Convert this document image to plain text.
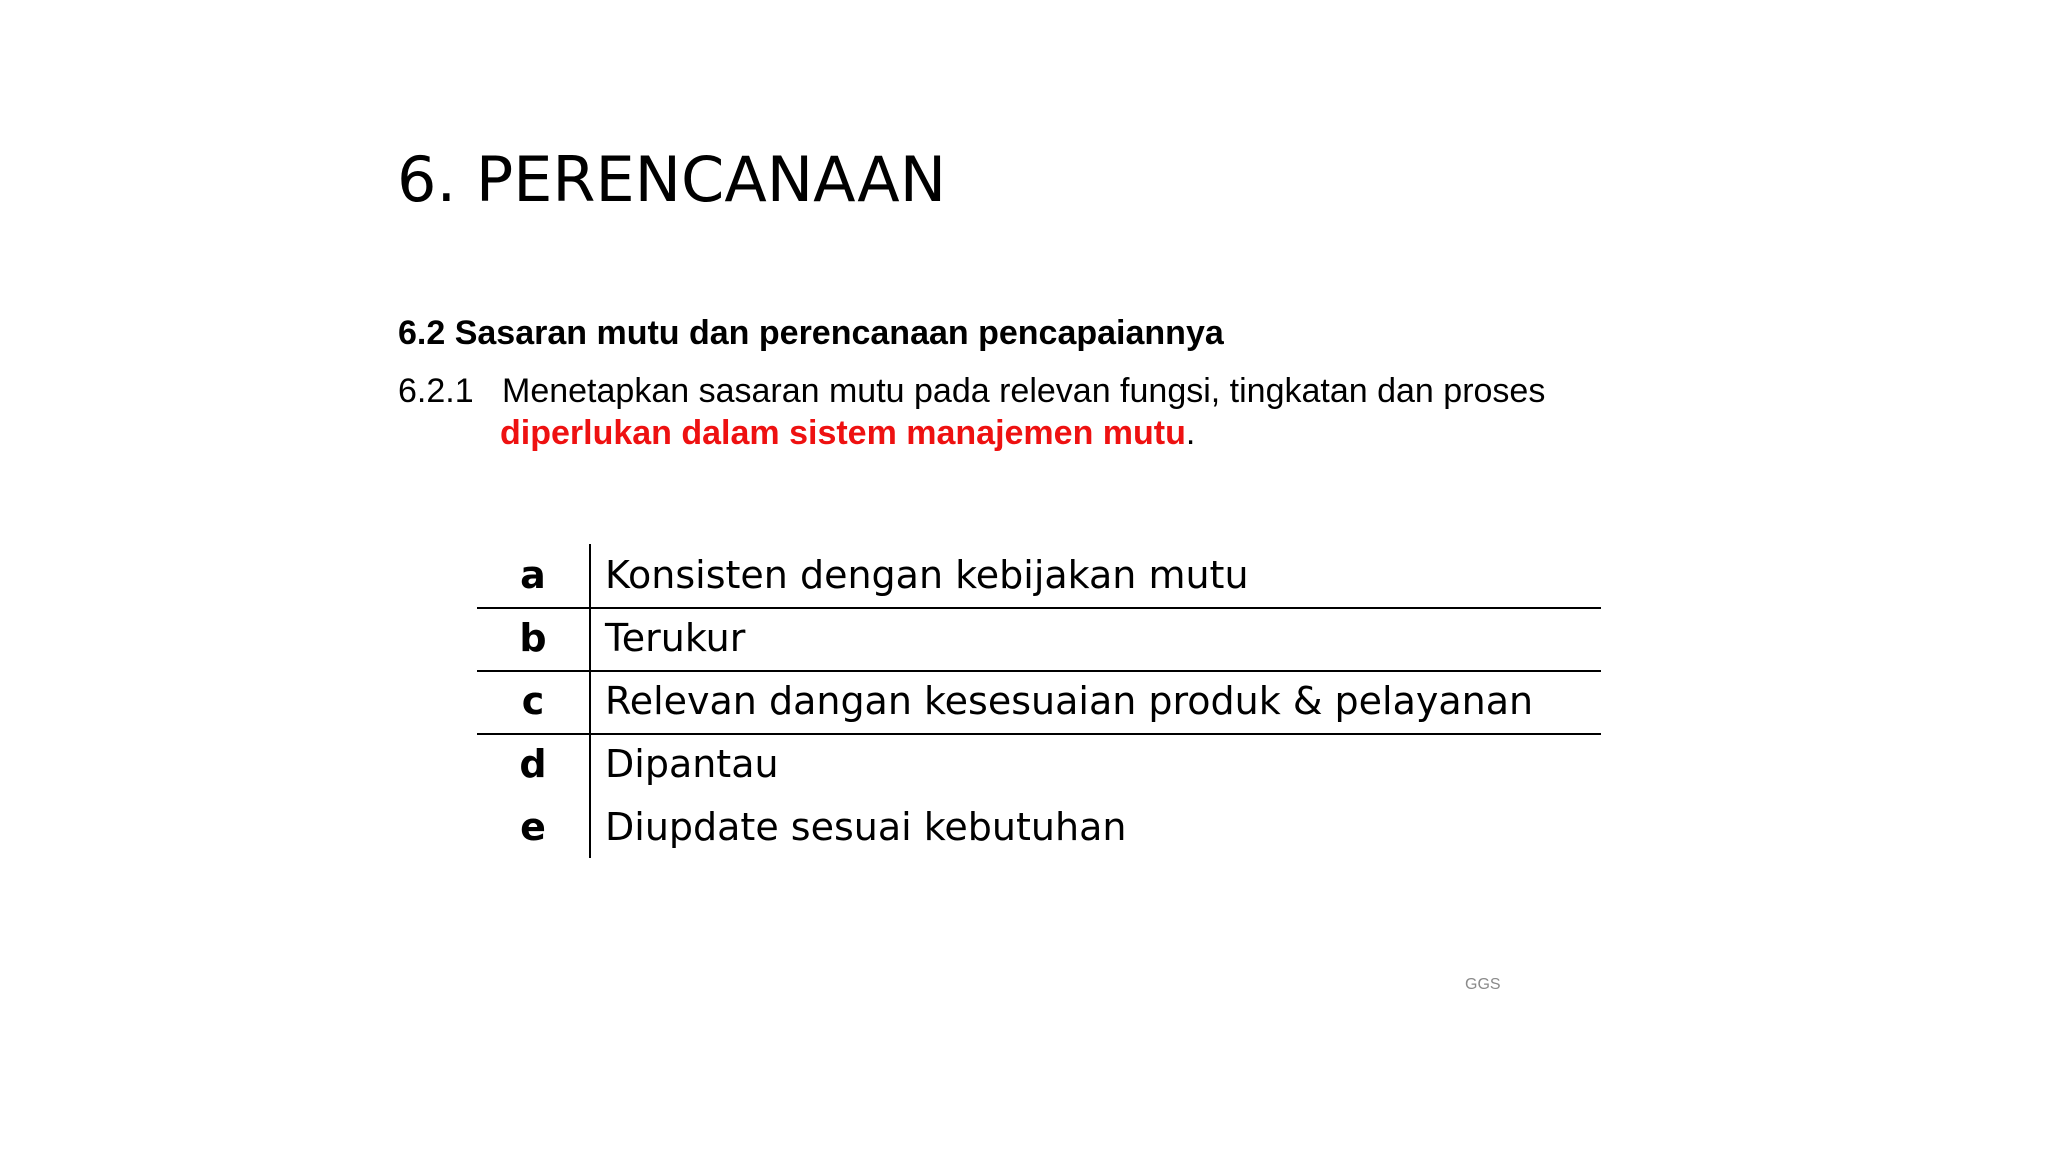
6. PERENCANAAN
6.2 Sasaran mutu dan perencanaan pencapaiannya
6.2.1 Menetapkan sasaran mutu pada relevan fungsi, tingkatan dan proses
diperlukan dalam sistem manajemen mutu.
a	Konsisten dengan kebijakan mutu
b	Terukur
c	Relevan dangan kesesuaian produk & pelayanan
d	Dipantau
e	Diupdate sesuai kebutuhan
GGS
